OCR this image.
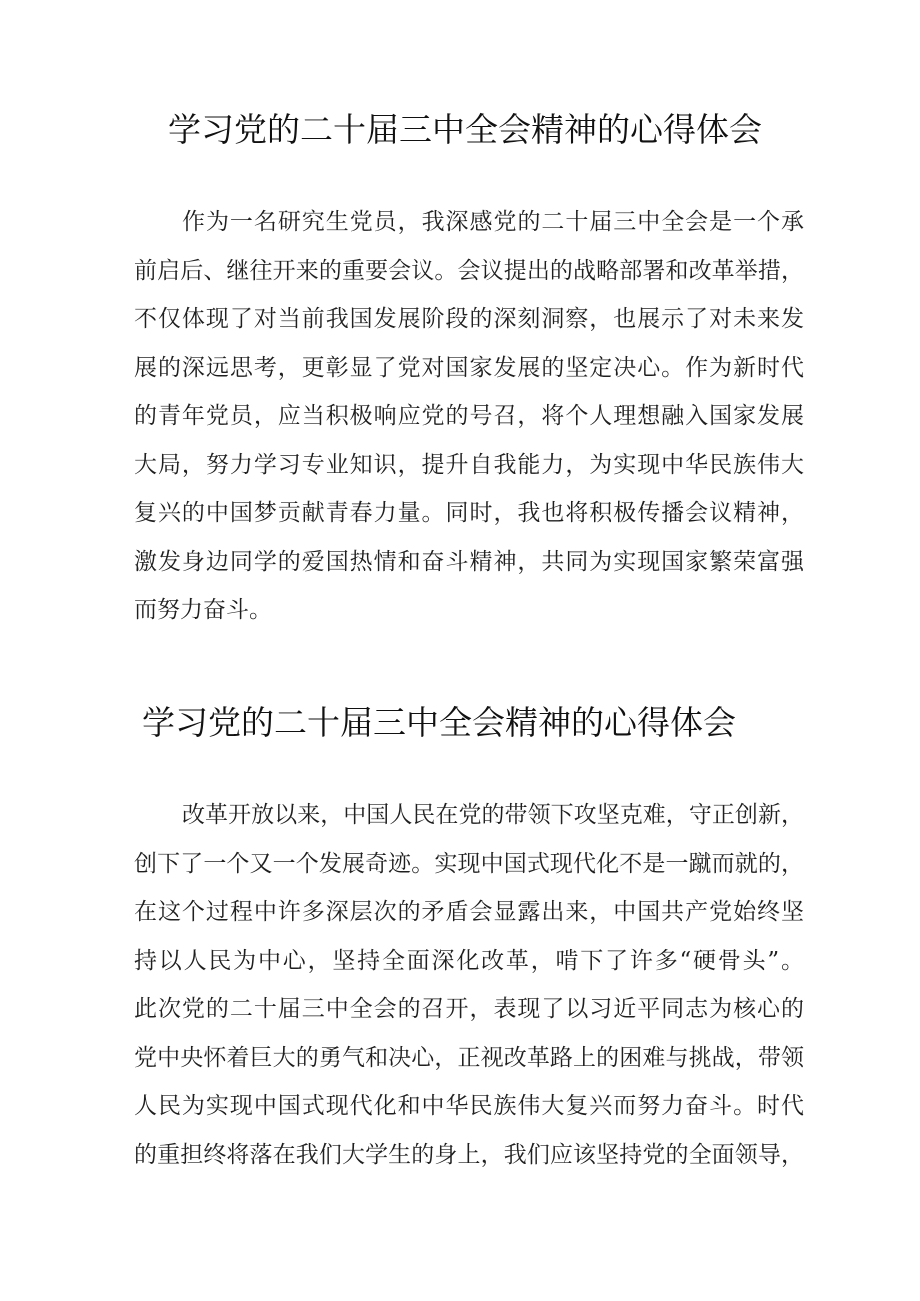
学习党的二十届三中全会精神的心得体会
作为一名研究生党员，我深感党的二十届三中全会是一个承
前启后、继往开来的重要会议。会议提出的战略部署和改革举措，
不仅体现了对当前我国发展阶段的深刻洞察，也展示了对未来发
展的深远思考，更彰显了党对国家发展的坚定决心。作为新时代
的青年党员，应当积极响应党的号召，将个人理想融入国家发展
大局，努力学习专业知识，提升自我能力，为实现中华民族伟大
复兴的中国梦贡献青春力量。同时，我也将积极传播会议精神，
激发身边同学的爱国热情和奋斗精神，共同为实现国家繁荣富强
而努力奋斗。
学习党的二十届三中全会精神的心得体会
改革开放以来，中国人民在党的带领下攻坚克难，守正创新，
创下了一个又一个发展奇迹。实现中国式现代化不是一蹴而就的，
在这个过程中许多深层次的矛盾会显露出来，中国共产党始终坚
持以人民为中心，坚持全面深化改革，啃下了许多“硬骨头”。
此次党的二十届三中全会的召开，表现了以习近平同志为核心的
党中央怀着巨大的勇气和决心，正视改革路上的困难与挑战，带领
人民为实现中国式现代化和中华民族伟大复兴而努力奋斗。时代
的重担终将落在我们大学生的身上，我们应该坚持党的全面领导，
